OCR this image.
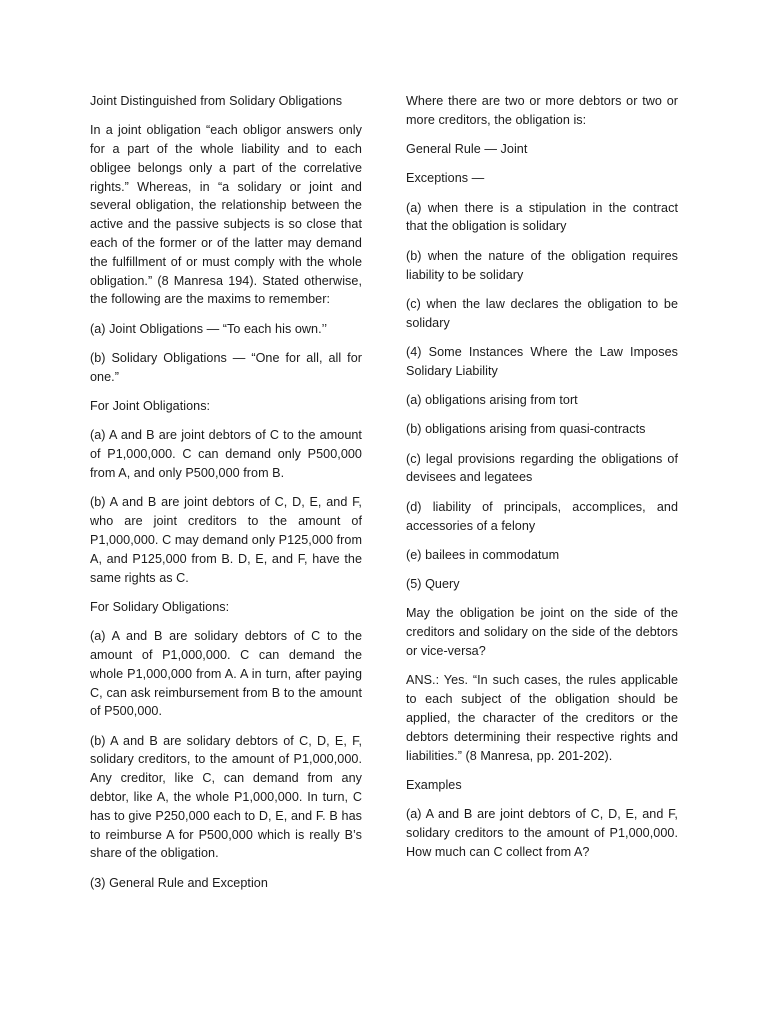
Joint Distinguished from Solidary Obligations

In a joint obligation “each obligor answers only for a part of the whole liability and to each obligee belongs only a part of the correlative rights.” Whereas, in “a solidary or joint and several obligation, the relationship between the active and the passive subjects is so close that each of the former or of the latter may demand the fulfillment of or must comply with the whole obligation.” (8 Manresa 194). Stated otherwise, the following are the maxims to remember:

(a) Joint Obligations — “To each his own.’’

(b) Solidary Obligations — “One for all, all for one.”

For Joint Obligations:

(a) A and B are joint debtors of C to the amount of P1,000,000. C can demand only P500,000 from A, and only P500,000 from B.

(b) A and B are joint debtors of C, D, E, and F, who are joint creditors to the amount of P1,000,000. C may demand only P125,000 from A, and P125,000 from B. D, E, and F, have the same rights as C.

For Solidary Obligations:

(a) A and B are solidary debtors of C to the amount of P1,000,000. C can demand the whole P1,000,000 from A. A in turn, after paying C, can ask reimbursement from B to the amount of P500,000.

(b) A and B are solidary debtors of C, D, E, F, solidary creditors, to the amount of P1,000,000. Any creditor, like C, can demand from any debtor, like A, the whole P1,000,000. In turn, C has to give P250,000 each to D, E, and F. B has to reimburse A for P500,000 which is really B’s share of the obligation.

(3) General Rule and Exception

Where there are two or more debtors or two or more creditors, the obligation is:

General Rule — Joint

Exceptions —

(a) when there is a stipulation in the contract that the obligation is solidary

(b) when the nature of the obligation requires liability to be solidary

(c) when the law declares the obligation to be solidary

(4) Some Instances Where the Law Imposes Solidary Liability

(a) obligations arising from tort

(b) obligations arising from quasi-contracts

(c) legal provisions regarding the obligations of devisees and legatees

(d) liability of principals, accomplices, and accessories of a felony

(e) bailees in commodatum

(5) Query

May the obligation be joint on the side of the creditors and solidary on the side of the debtors or vice-versa?

ANS.: Yes. “In such cases, the rules applicable to each subject of the obligation should be applied, the character of the creditors or the debtors determining their respective rights and liabilities.” (8 Manresa, pp. 201-202).

Examples

(a) A and B are joint debtors of C, D, E, and F, solidary creditors to the amount of P1,000,000. How much can C collect from A?
